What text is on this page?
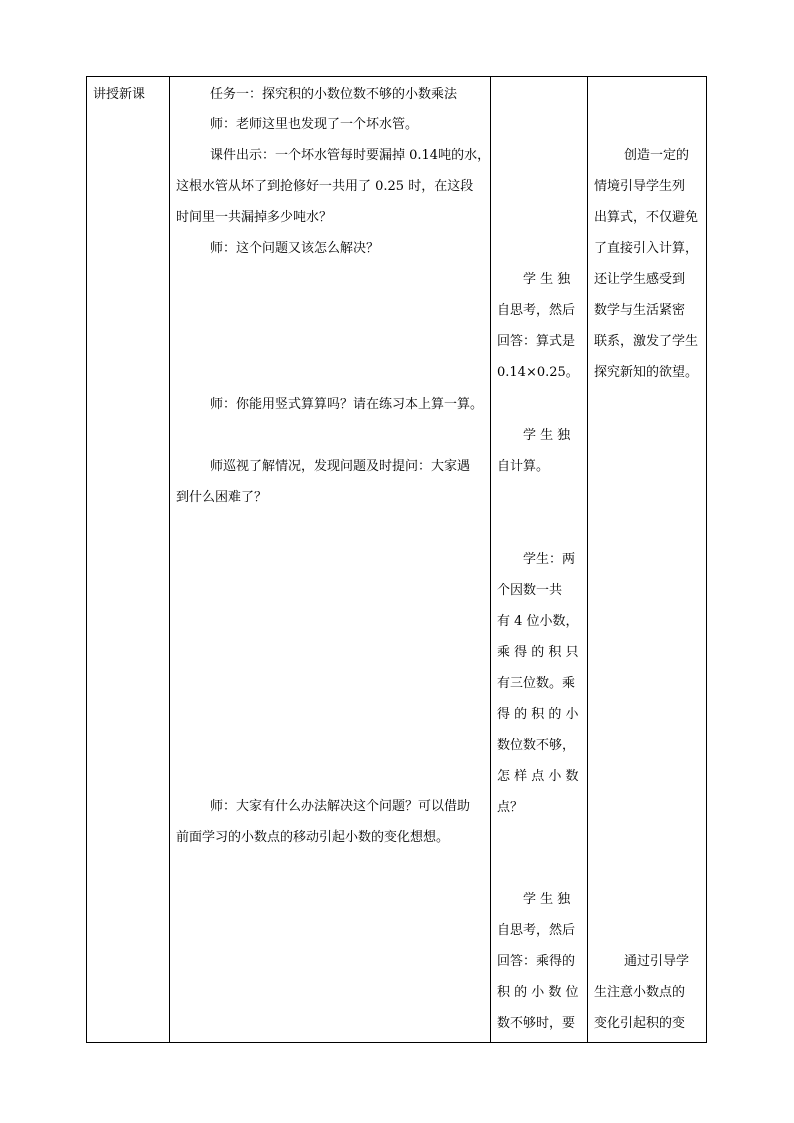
讲授新课	任务一：探究积的小数位数不够的小数乘法
师：老师这里也发现了一个坏水管。
课件出示：一个坏水管每时要漏掉 0.14吨的水，
这根水管从坏了到抢修好一共用了 0.25 时，在这段
时间里一共漏掉多少吨水？
师：这个问题又该怎么解决？
师：你能用竖式算算吗？请在练习本上算一算。
师巡视了解情况，发现问题及时提问：大家遇
到什么困难了？
师：大家有什么办法解决这个问题？可以借助
前面学习的小数点的移动引起小数的变化想想。
学 生 独
自思考，然后
回答：算式是
0.14×0.25。
学 生 独
自计算。
学生：两
个因数一共
有 4 位小数，
乘 得 的 积 只
有三位数。乘
得 的 积 的 小
数位数不够，
怎 样 点 小 数
点？
学 生 独
自思考，然后
回答：乘得的
积 的 小 数 位
数不够时，要
创造一定的
情境引导学生列
出算式，不仅避免
了直接引入计算，
还让学生感受到
数学与生活紧密
联系，激发了学生
探究新知的欲望。
通过引导学
生注意小数点的
变化引起积的变
